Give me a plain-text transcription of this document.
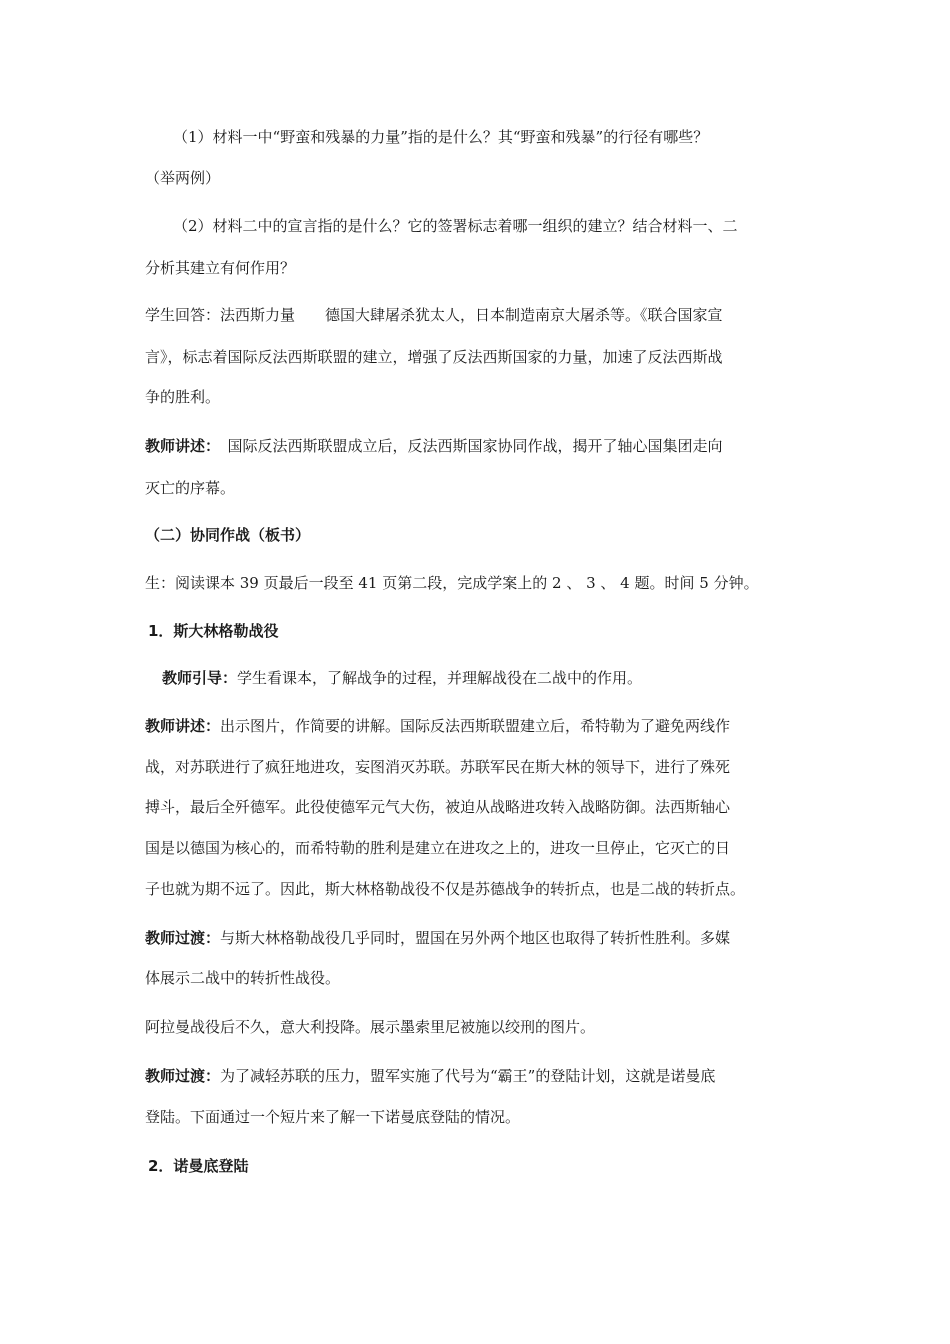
（1）材料一中“野蛮和残暴的力量”指的是什么？其“野蛮和残暴”的行径有哪些？
（举两例）
（2）材料二中的宣言指的是什么？它的签署标志着哪一组织的建立？结合材料一、二
分析其建立有何作用？
学生回答：法西斯力量　　德国大肆屠杀犹太人，日本制造南京大屠杀等。《联合国家宣
言》，标志着国际反法西斯联盟的建立，增强了反法西斯国家的力量，加速了反法西斯战
争的胜利。
教师讲述：　国际反法西斯联盟成立后，反法西斯国家协同作战，揭开了轴心国集团走向
灭亡的序幕。
（二）协同作战（板书）
生：阅读课本 39 页最后一段至 41 页第二段，完成学案上的 2 、 3 、 4 题。时间 5 分钟。
1．斯大林格勒战役
教师引导：学生看课本，了解战争的过程，并理解战役在二战中的作用。
教师讲述：出示图片，作简要的讲解。国际反法西斯联盟建立后，希特勒为了避免两线作
战，对苏联进行了疯狂地进攻，妄图消灭苏联。苏联军民在斯大林的领导下，进行了殊死
搏斗，最后全歼德军。此役使德军元气大伤，被迫从战略进攻转入战略防御。法西斯轴心
国是以德国为核心的，而希特勒的胜利是建立在进攻之上的，进攻一旦停止，它灭亡的日
子也就为期不远了。因此，斯大林格勒战役不仅是苏德战争的转折点，也是二战的转折点。
教师过渡：与斯大林格勒战役几乎同时，盟国在另外两个地区也取得了转折性胜利。多媒
体展示二战中的转折性战役。
阿拉曼战役后不久，意大利投降。展示墨索里尼被施以绞刑的图片。
教师过渡：为了减轻苏联的压力，盟军实施了代号为“霸王”的登陆计划，这就是诺曼底
登陆。下面通过一个短片来了解一下诺曼底登陆的情况。
2．诺曼底登陆
